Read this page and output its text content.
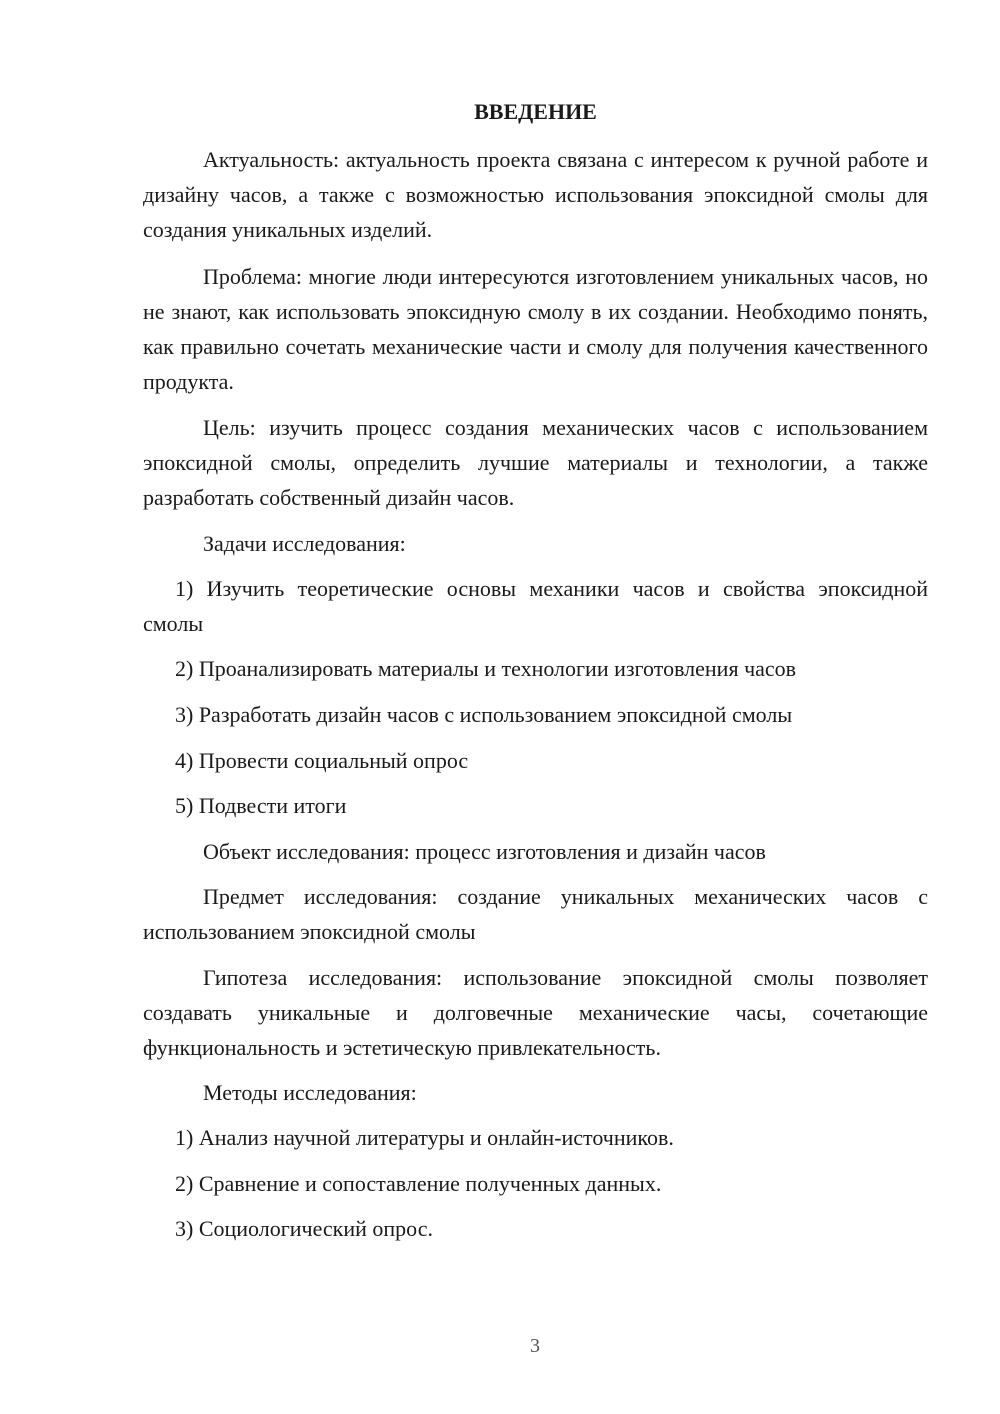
ВВЕДЕНИЕ

Актуальность: актуальность проекта связана с интересом к ручной работе и дизайну часов, а также с возможностью использования эпоксидной смолы для создания уникальных изделий.

Проблема: многие люди интересуются изготовлением уникальных часов, но не знают, как использовать эпоксидную смолу в их создании. Необходимо понять, как правильно сочетать механические части и смолу для получения качественного продукта.

Цель: изучить процесс создания механических часов с использованием эпоксидной смолы, определить лучшие материалы и технологии, а также разработать собственный дизайн часов.

Задачи исследования:

1) Изучить теоретические основы механики часов и свойства эпоксидной смолы

2) Проанализировать материалы и технологии изготовления часов

3) Разработать дизайн часов с использованием эпоксидной смолы

4) Провести социальный опрос

5) Подвести итоги

Объект исследования: процесс изготовления и дизайн часов

Предмет исследования: создание уникальных механических часов с использованием эпоксидной смолы

Гипотеза исследования: использование эпоксидной смолы позволяет создавать уникальные и долговечные механические часы, сочетающие функциональность и эстетическую привлекательность.

Методы исследования:

1) Анализ научной литературы и онлайн-источников.

2) Сравнение и сопоставление полученных данных.

3) Социологический опрос.

3
